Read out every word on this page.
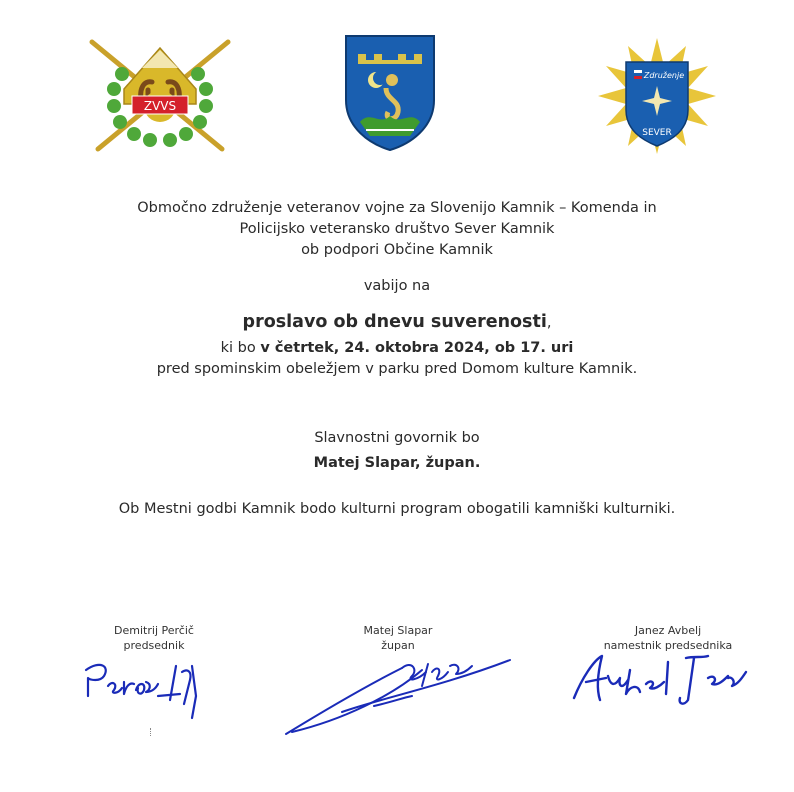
ZVVS
Združenje
SEVER
Območno združenje veteranov vojne za Slovenijo Kamnik – Komenda in
Policijsko veteransko društvo Sever Kamnik
ob podpori Občine Kamnik
vabijo na
proslavo ob dnevu suverenosti,
ki bo v četrtek, 24. oktobra 2024, ob 17. uri
pred spominskim obeležjem v parku pred Domom kulture Kamnik.
Slavnostni govornik bo
Matej Slapar, župan.
Ob Mestni godbi Kamnik bodo kulturni program obogatili kamniški kulturniki.
Demitrij Perčič
predsednik
Matej Slapar
župan
Janez Avbelj
namestnik predsednika
